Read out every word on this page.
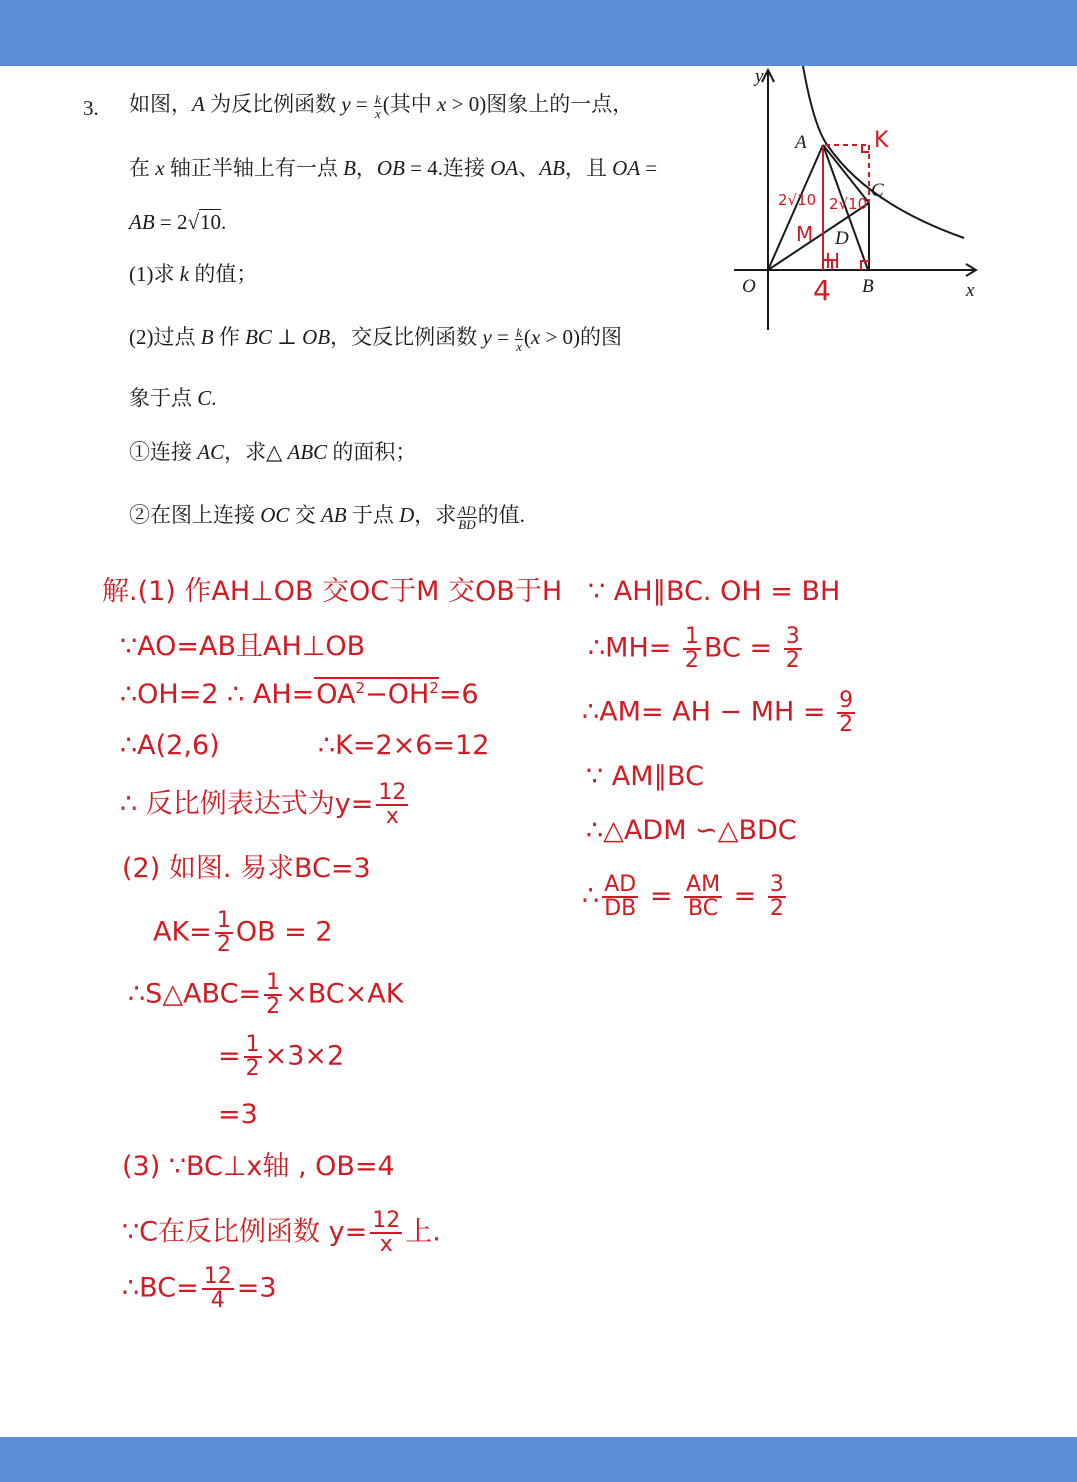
3. 如图，A 为反比例函数 $y = \frac{k}{x}$ (其中 x > 0)图象上的一点，
在 x 轴正半轴上有一点 B，OB = 4.连接 OA、AB，且 OA =
AB = 2√10.
(1)求 k 的值；
(2)过点 B 作 BC ⊥ OB，交反比例函数 $y = \frac{k}{x} (x > 0)$的图
象于点 C.
①连接 AC，求△ ABC 的面积；
②在图上连接 OC 交 AB 于点 D，求 $\frac{AD}{BD}$ 的值.
y
x
O
A
B
C
D
K
M
H
2√10 2√10
4
解.(1) 作AH⊥OB 交OC于M 交OB于H
∵AO=AB且AH⊥OB
∴OH=2 ∴ $AH=OA^2-OH^2=6$
∴A(2,6)	∴K=2×6=12
∴ 反比例表达式为$y= \frac{12}{x}$
(2) 如图. 易求BC=3
$AK= \frac{1}{2}$ OB = 2
∴S△ABC= $\frac{1}{2} \times BC\times AK$
= $\frac{1}{2} \times 3\times 2$
=3
(3) ∵BC⊥x轴 , OB=4
∵C在反比例函数 $y= \frac{12}{x}$ 上.
∴BC= $\frac{12}{4} =3$
∵ AH∥BC. OH = BH
∴MH= $\frac{1}{2}$ BC = $\frac{3}{2}$
∴AM= AH − MH = $\frac{9}{2}$
∵ AM∥BC
∴△ADM ∽△BDC
∴ $\frac{AD}{DB} = \frac{AM}{BC} = \frac{3}{2}$
